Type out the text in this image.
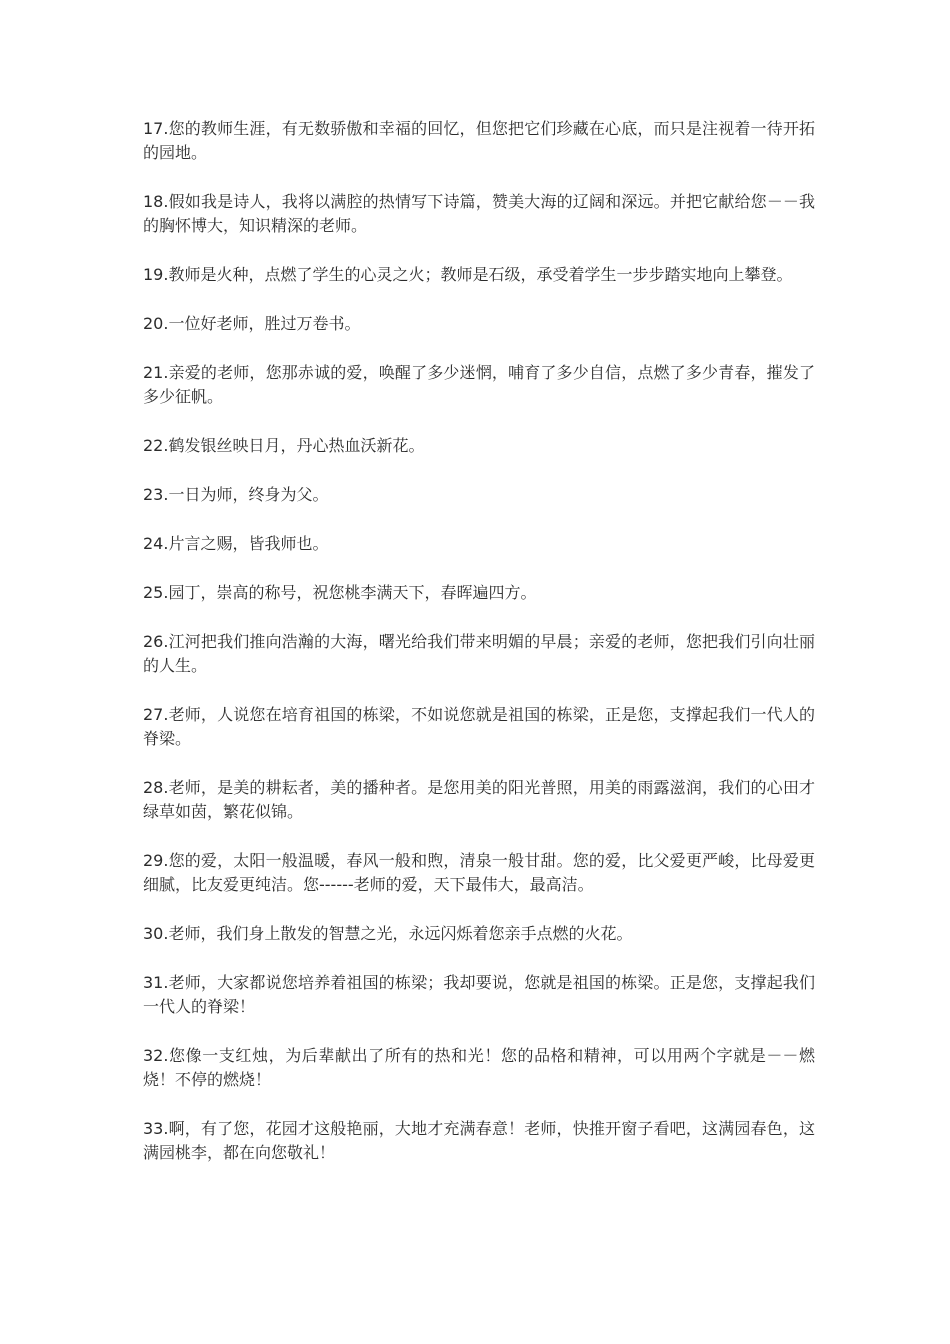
17.您的教师生涯，有无数骄傲和幸福的回忆，但您把它们珍藏在心底，而只是注视着一待开拓的园地。

18.假如我是诗人，我将以满腔的热情写下诗篇，赞美大海的辽阔和深远。并把它献给您－－我的胸怀博大，知识精深的老师。

19.教师是火种，点燃了学生的心灵之火；教师是石级，承受着学生一步步踏实地向上攀登。

20.一位好老师，胜过万卷书。

21.亲爱的老师，您那赤诚的爱，唤醒了多少迷惘，哺育了多少自信，点燃了多少青春，摧发了多少征帆。

22.鹤发银丝映日月，丹心热血沃新花。

23.一日为师，终身为父。

24.片言之赐，皆我师也。

25.园丁，崇高的称号，祝您桃李满天下，春晖遍四方。

26.江河把我们推向浩瀚的大海，曙光给我们带来明媚的早晨；亲爱的老师，您把我们引向壮丽的人生。

27.老师，人说您在培育祖国的栋梁，不如说您就是祖国的栋梁，正是您，支撑起我们一代人的脊梁。

28.老师，是美的耕耘者，美的播种者。是您用美的阳光普照，用美的雨露滋润，我们的心田才绿草如茵，繁花似锦。

29.您的爱，太阳一般温暖，春风一般和煦，清泉一般甘甜。您的爱，比父爱更严峻，比母爱更细腻，比友爱更纯洁。您------老师的爱，天下最伟大，最高洁。

30.老师，我们身上散发的智慧之光，永远闪烁着您亲手点燃的火花。

31.老师，大家都说您培养着祖国的栋梁；我却要说，您就是祖国的栋梁。正是您，支撑起我们一代人的脊梁！

32.您像一支红烛，为后辈献出了所有的热和光！您的品格和精神，可以用两个字就是－－燃烧！不停的燃烧！

33.啊，有了您，花园才这般艳丽，大地才充满春意！老师，快推开窗子看吧，这满园春色，这满园桃李，都在向您敬礼！
